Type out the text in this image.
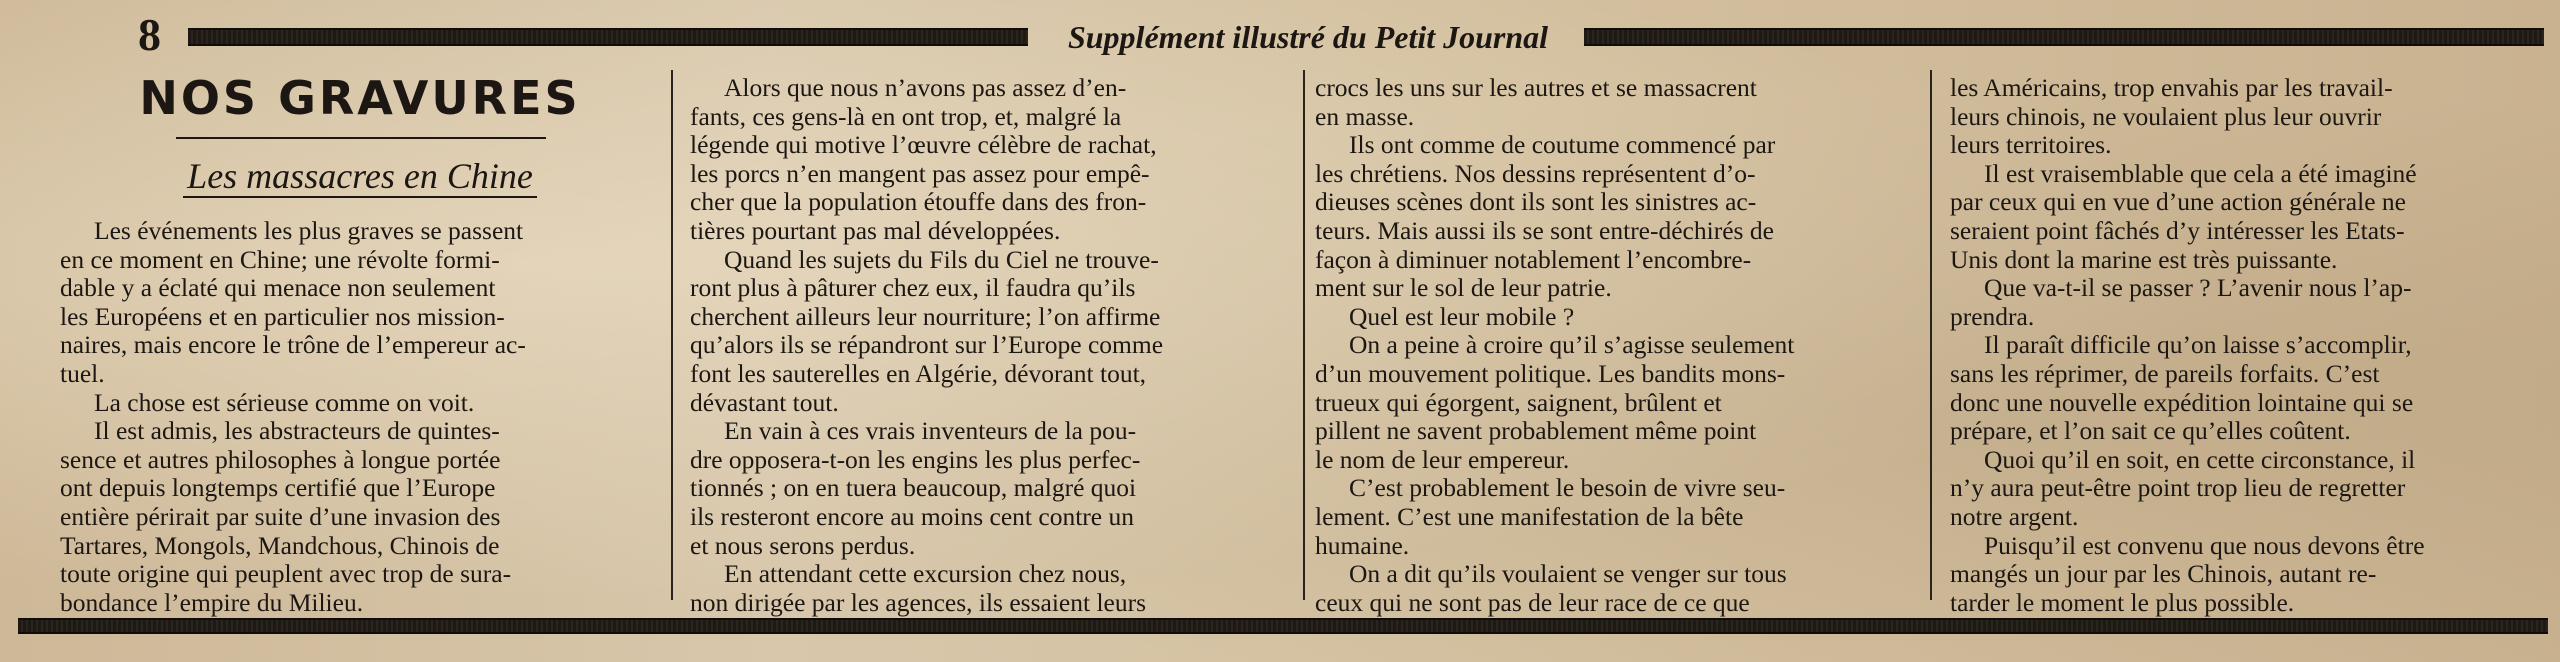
8	Supplément illustré du Petit Journal
NOS GRAVURES
Les massacres en Chine
Les événements les plus graves se passent
en ce moment en Chine; une révolte formi-
dable y a éclaté qui menace non seulement
les Européens et en particulier nos mission-
naires, mais encore le trône de l’empereur ac-
tuel.
La chose est sérieuse comme on voit.
Il est admis, les abstracteurs de quintes-
sence et autres philosophes à longue portée
ont depuis longtemps certifié que l’Europe
entière périrait par suite d’une invasion des
Tartares, Mongols, Mandchous, Chinois de
toute origine qui peuplent avec trop de sura-
bondance l’empire du Milieu.
Alors que nous n’avons pas assez d’en-
fants, ces gens-là en ont trop, et, malgré la
légende qui motive l’œuvre célèbre de rachat,
les porcs n’en mangent pas assez pour empê-
cher que la population étouffe dans des fron-
tières pourtant pas mal développées.
Quand les sujets du Fils du Ciel ne trouve-
ront plus à pâturer chez eux, il faudra qu’ils
cherchent ailleurs leur nourriture; l’on affirme
qu’alors ils se répandront sur l’Europe comme
font les sauterelles en Algérie, dévorant tout,
dévastant tout.
En vain à ces vrais inventeurs de la pou-
dre opposera-t-on les engins les plus perfec-
tionnés ; on en tuera beaucoup, malgré quoi
ils resteront encore au moins cent contre un
et nous serons perdus.
En attendant cette excursion chez nous,
non dirigée par les agences, ils essaient leurs
crocs les uns sur les autres et se massacrent
en masse.
Ils ont comme de coutume commencé par
les chrétiens. Nos dessins représentent d’o-
dieuses scènes dont ils sont les sinistres ac-
teurs. Mais aussi ils se sont entre-déchirés de
façon à diminuer notablement l’encombre-
ment sur le sol de leur patrie.
Quel est leur mobile ?
On a peine à croire qu’il s’agisse seulement
d’un mouvement politique. Les bandits mons-
trueux qui égorgent, saignent, brûlent et
pillent ne savent probablement même point
le nom de leur empereur.
C’est probablement le besoin de vivre seu-
lement. C’est une manifestation de la bête
humaine.
On a dit qu’ils voulaient se venger sur tous
ceux qui ne sont pas de leur race de ce que
les Américains, trop envahis par les travail-
leurs chinois, ne voulaient plus leur ouvrir
leurs territoires.
Il est vraisemblable que cela a été imaginé
par ceux qui en vue d’une action générale ne
seraient point fâchés d’y intéresser les Etats-
Unis dont la marine est très puissante.
Que va-t-il se passer ? L’avenir nous l’ap-
prendra.
Il paraît difficile qu’on laisse s’accomplir,
sans les réprimer, de pareils forfaits. C’est
donc une nouvelle expédition lointaine qui se
prépare, et l’on sait ce qu’elles coûtent.
Quoi qu’il en soit, en cette circonstance, il
n’y aura peut-être point trop lieu de regretter
notre argent.
Puisqu’il est convenu que nous devons être
mangés un jour par les Chinois, autant re-
tarder le moment le plus possible.
